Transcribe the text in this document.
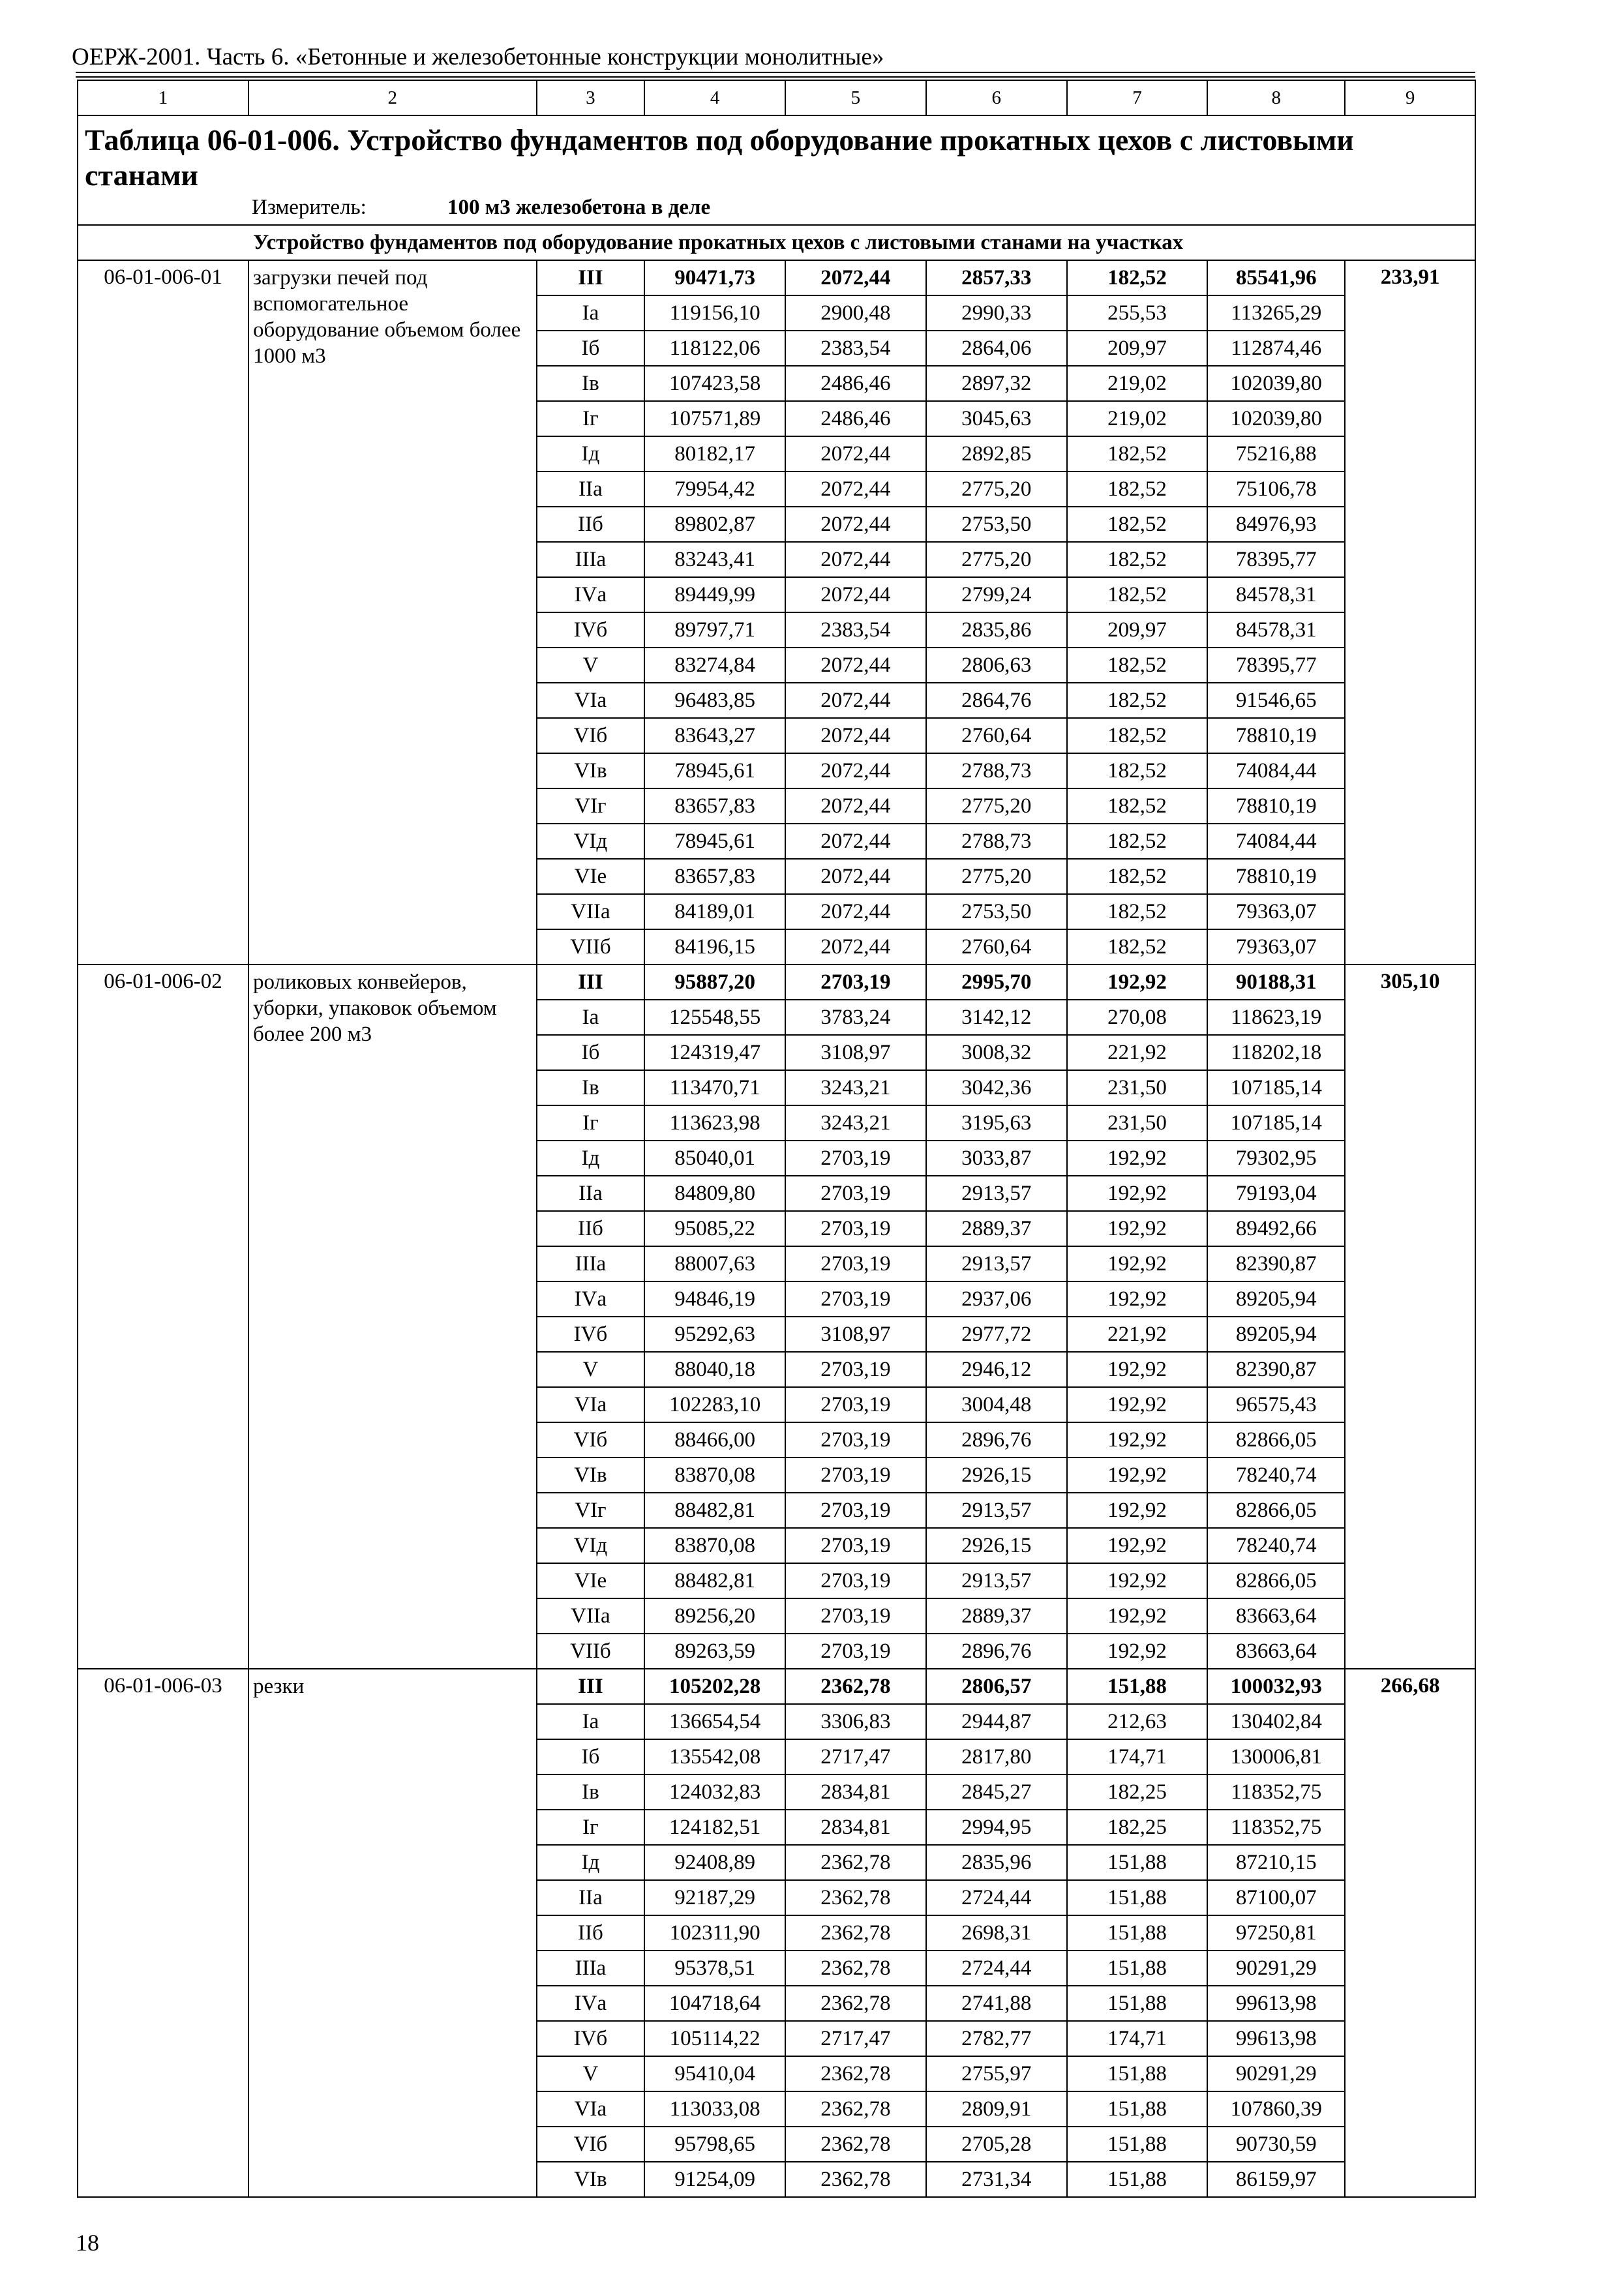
ОЕРЖ-2001. Часть 6. «Бетонные и железобетонные конструкции монолитные»
1	2	3	4	5	6	7	8	9

Таблица 06-01-006. Устройство фундаментов под оборудование прокатных цехов с листовыми станами
Измеритель: 100 м3 железобетона в деле								

Устройство фундаментов под оборудование прокатных цехов с листовыми станами на участках								
06-01-006-01	загрузки печей под вспомогательное оборудование объемом более 1000 м3	III	90471,73	2072,44	2857,33	182,52	85541,96	233,91
		Iа	119156,10	2900,48	2990,33	255,53	113265,29	
		Iб	118122,06	2383,54	2864,06	209,97	112874,46	
		Iв	107423,58	2486,46	2897,32	219,02	102039,80	
		Iг	107571,89	2486,46	3045,63	219,02	102039,80	
		Iд	80182,17	2072,44	2892,85	182,52	75216,88	
		IIа	79954,42	2072,44	2775,20	182,52	75106,78	
		IIб	89802,87	2072,44	2753,50	182,52	84976,93	
		IIIа	83243,41	2072,44	2775,20	182,52	78395,77	
		IVа	89449,99	2072,44	2799,24	182,52	84578,31	
		IVб	89797,71	2383,54	2835,86	209,97	84578,31	
		V	83274,84	2072,44	2806,63	182,52	78395,77	
		VIа	96483,85	2072,44	2864,76	182,52	91546,65	
		VIб	83643,27	2072,44	2760,64	182,52	78810,19	
		VIв	78945,61	2072,44	2788,73	182,52	74084,44	
		VIг	83657,83	2072,44	2775,20	182,52	78810,19	
		VIд	78945,61	2072,44	2788,73	182,52	74084,44	
		VIе	83657,83	2072,44	2775,20	182,52	78810,19	
		VIIа	84189,01	2072,44	2753,50	182,52	79363,07	
		VIIб	84196,15	2072,44	2760,64	182,52	79363,07	
06-01-006-02	роликовых конвейеров, уборки, упаковок объемом более 200 м3	III	95887,20	2703,19	2995,70	192,92	90188,31	305,10
		Iа	125548,55	3783,24	3142,12	270,08	118623,19	
		Iб	124319,47	3108,97	3008,32	221,92	118202,18	
		Iв	113470,71	3243,21	3042,36	231,50	107185,14	
		Iг	113623,98	3243,21	3195,63	231,50	107185,14	
		Iд	85040,01	2703,19	3033,87	192,92	79302,95	
		IIа	84809,80	2703,19	2913,57	192,92	79193,04	
		IIб	95085,22	2703,19	2889,37	192,92	89492,66	
		IIIа	88007,63	2703,19	2913,57	192,92	82390,87	
		IVа	94846,19	2703,19	2937,06	192,92	89205,94	
		IVб	95292,63	3108,97	2977,72	221,92	89205,94	
		V	88040,18	2703,19	2946,12	192,92	82390,87	
		VIа	102283,10	2703,19	3004,48	192,92	96575,43	
		VIб	88466,00	2703,19	2896,76	192,92	82866,05	
		VIв	83870,08	2703,19	2926,15	192,92	78240,74	
		VIг	88482,81	2703,19	2913,57	192,92	82866,05	
		VIд	83870,08	2703,19	2926,15	192,92	78240,74	
		VIе	88482,81	2703,19	2913,57	192,92	82866,05	
		VIIа	89256,20	2703,19	2889,37	192,92	83663,64	
		VIIб	89263,59	2703,19	2896,76	192,92	83663,64	
06-01-006-03	резки	III	105202,28	2362,78	2806,57	151,88	100032,93	266,68
		Iа	136654,54	3306,83	2944,87	212,63	130402,84	
		Iб	135542,08	2717,47	2817,80	174,71	130006,81	
		Iв	124032,83	2834,81	2845,27	182,25	118352,75	
		Iг	124182,51	2834,81	2994,95	182,25	118352,75	
		Iд	92408,89	2362,78	2835,96	151,88	87210,15	
		IIа	92187,29	2362,78	2724,44	151,88	87100,07	
		IIб	102311,90	2362,78	2698,31	151,88	97250,81	
		IIIа	95378,51	2362,78	2724,44	151,88	90291,29	
		IVа	104718,64	2362,78	2741,88	151,88	99613,98	
		IVб	105114,22	2717,47	2782,77	174,71	99613,98	
		V	95410,04	2362,78	2755,97	151,88	90291,29	
		VIа	113033,08	2362,78	2809,91	151,88	107860,39	
		VIб	95798,65	2362,78	2705,28	151,88	90730,59	
		VIв	91254,09	2362,78	2731,34	151,88	86159,97	
18
